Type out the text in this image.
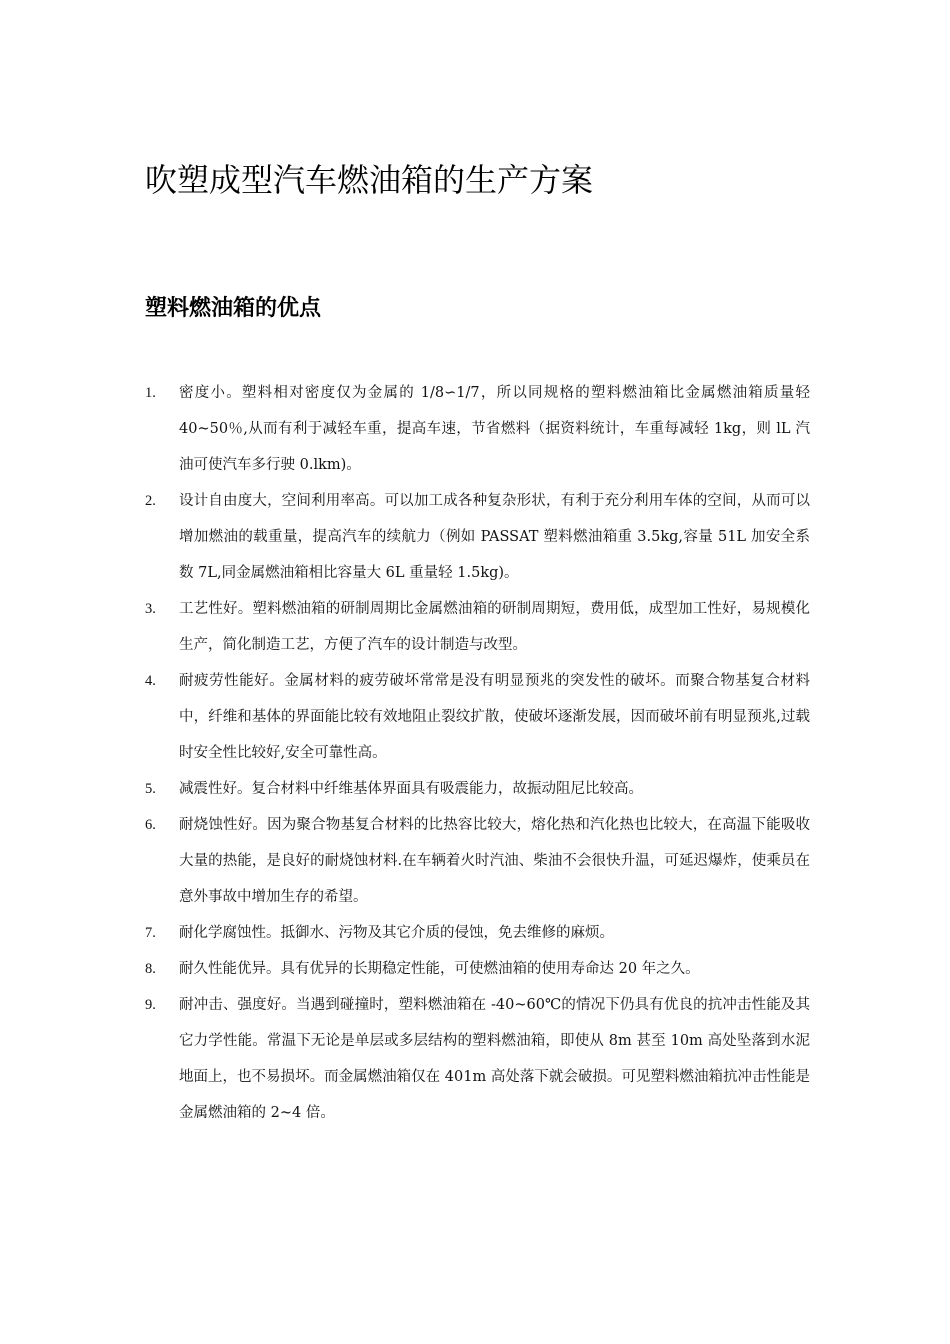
吹塑成型汽车燃油箱的生产方案
塑料燃油箱的优点
1.	密度小。塑料相对密度仅为金属的 1/8∽1/7，所以同规格的塑料燃油箱比金属燃油箱质量轻 40~50％,从而有利于减轻车重，提高车速，节省燃料（据资料统计，车重每减轻 1kg，则 lL 汽油可使汽车多行驶 0.lkm)。
2.	设计自由度大，空间利用率高。可以加工成各种复杂形状，有利于充分利用车体的空间，从而可以增加燃油的载重量，提高汽车的续航力（例如 PASSAT 塑料燃油箱重 3.5kg,容量 51L 加安全系数 7L,同金属燃油箱相比容量大 6L 重量轻 1.5kg)。
3.	工艺性好。塑料燃油箱的研制周期比金属燃油箱的研制周期短，费用低，成型加工性好，易规模化生产，简化制造工艺，方便了汽车的设计制造与改型。
4.	耐疲劳性能好。金属材料的疲劳破坏常常是没有明显预兆的突发性的破坏。而聚合物基复合材料中，纤维和基体的界面能比较有效地阻止裂纹扩散，使破坏逐渐发展，因而破坏前有明显预兆,过载时安全性比较好,安全可靠性高。
5.	减震性好。复合材料中纤维基体界面具有吸震能力，故振动阻尼比较高。
6.	耐烧蚀性好。因为聚合物基复合材料的比热容比较大，熔化热和汽化热也比较大，在高温下能吸收大量的热能，是良好的耐烧蚀材料.在车辆着火时汽油、柴油不会很快升温，可延迟爆炸，使乘员在意外事故中增加生存的希望。
7.	耐化学腐蚀性。抵御水、污物及其它介质的侵蚀，免去维修的麻烦。
8.	耐久性能优异。具有优异的长期稳定性能，可使燃油箱的使用寿命达 20 年之久。
9.	耐冲击、强度好。当遇到碰撞时，塑料燃油箱在 -40~60℃的情况下仍具有优良的抗冲击性能及其它力学性能。常温下无论是单层或多层结构的塑料燃油箱，即使从 8m 甚至 10m 高处坠落到水泥地面上，也不易损坏。而金属燃油箱仅在 401m 高处落下就会破损。可见塑料燃油箱抗冲击性能是金属燃油箱的 2~4 倍。
